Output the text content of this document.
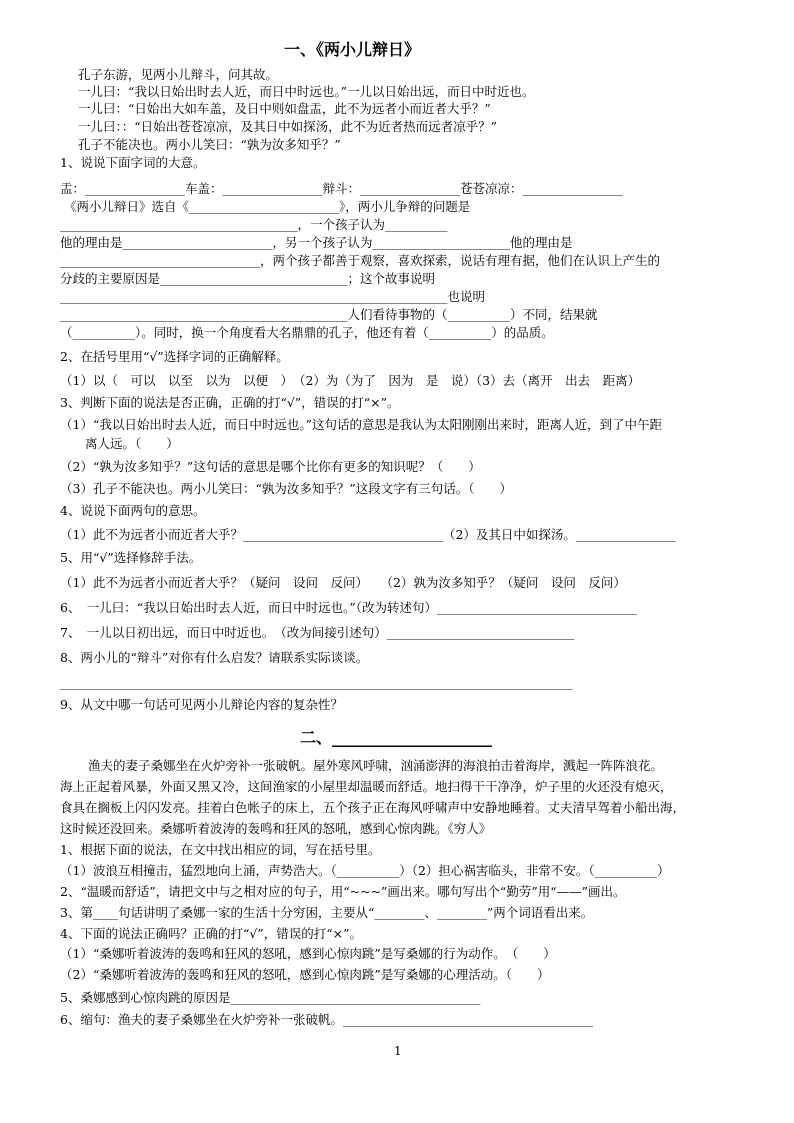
一、《两小儿辩日》
孔子东游，见两小儿辩斗，问其故。
一儿曰：“我以日始出时去人近，而日中时远也。”一儿以日始出远，而日中时近也。
一儿曰：“日始出大如车盖，及日中则如盘盂，此不为远者小而近者大乎？”
一儿曰：：“日始出苍苍凉凉，及其日中如探汤，此不为近者热而远者凉乎？”
孔子不能决也。两小儿笑曰：“孰为汝多知乎？”
1、说说下面字词的大意。
盂：________________车盖：________________辩斗：________________苍苍凉凉：________________
《两小儿辩日》选自《________________________》，两小儿争辩的问题是
______________________________________，一个孩子认为__________
他的理由是________________________，另一个孩子认为______________________他的理由是
________________________________，两个孩子都善于观察，喜欢探索，说话有理有据，他们在认识上产生的
分歧的主要原因是______________________________；这个故事说明
______________________________________________________________也说明
______________________________________________人们看待事物的（__________）不同，结果就
（__________）。同时，换一个角度看大名鼎鼎的孔子，他还有着（__________）的品质。
2、在括号里用“√”选择字词的正确解释。
（1）以（　可以　以至　以为　以便　）　（2）为（为了　因为　是　说）（3）去（离开　出去　距离）
3、判断下面的说法是否正确，正确的打“√”，错误的打“×”。
（1）“我以日始出时去人近，而日中时远也。”这句话的意思是我认为太阳刚刚出来时，距离人近，到了中午距
　　离人远。（　　）
（2）“孰为汝多知乎？”这句话的意思是哪个比你有更多的知识呢？（　　）
（3）孔子不能决也。两小儿笑曰：“孰为汝多知乎？”这段文字有三句话。（　　）
4、说说下面两句的意思。
（1）此不为远者小而近者大乎？________________________________（2）及其日中如探汤。________________
5、用“√”选择修辞手法。
（1）此不为远者小而近者大乎？（疑问　设问　反问）　　（2）孰为汝多知乎？（疑问　设问　反问）
6、　一儿曰：“我以日始出时去人近，而日中时远也。”（改为转述句）________________________________
7、　一儿以日初出远，而日中时近也。　（改为间接引述句）______________________________
8、两小儿的“辩斗”对你有什么启发？请联系实际谈谈。
__________________________________________________________________________________
9、从文中哪一句话可见两小儿辩论内容的复杂性？
二、____________________
渔夫的妻子桑娜坐在火炉旁补一张破帆。屋外寒风呼啸，汹涌澎湃的海浪拍击着海岸，溅起一阵阵浪花。
海上正起着风暴，外面又黑又冷，这间渔家的小屋里却温暖而舒适。地扫得干干净净，炉子里的火还没有熄灭，
食具在搁板上闪闪发亮。挂着白色帐子的床上，五个孩子正在海风呼啸声中安静地睡着。丈夫清早驾着小船出海，
这时候还没回来。桑娜听着波涛的轰鸣和狂风的怒吼，感到心惊肉跳。《穷人》
1、根据下面的说法，在文中找出相应的词，写在括号里。
（1）波浪互相撞击，猛烈地向上涌，声势浩大。（__________）（2）担心祸害临头，非常不安。（__________）
2、“温暖而舒适”，请把文中与之相对应的句子，用“~~~”画出来。哪句写出个“勤劳”用“——”画出。
3、第____句话讲明了桑娜一家的生活十分穷困，主要从“________、________”两个词语看出来。
4、下面的说法正确吗？正确的打“√”，错误的打“×”。
（1）“桑娜听着波涛的轰鸣和狂风的怒吼，感到心惊肉跳”是写桑娜的行为动作。　（　　）
（2）“桑娜听着波涛的轰鸣和狂风的怒吼，感到心惊肉跳”是写桑娜的心理活动。（　　）
5、桑娜感到心惊肉跳的原因是________________________________________
6、缩句：渔夫的妻子桑娜坐在火炉旁补一张破帆。________________________________________
1
